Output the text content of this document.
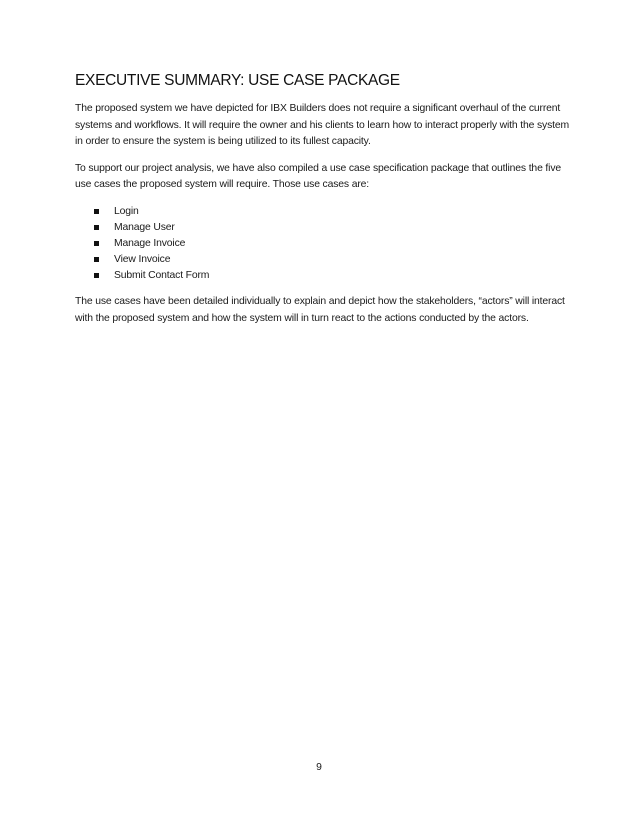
EXECUTIVE SUMMARY: USE CASE PACKAGE

The proposed system we have depicted for IBX Builders does not require a significant overhaul of the current systems and workflows. It will require the owner and his clients to learn how to interact properly with the system in order to ensure the system is being utilized to its fullest capacity.

To support our project analysis, we have also compiled a use case specification package that outlines the five use cases the proposed system will require. Those use cases are:

Login
Manage User
Manage Invoice
View Invoice
Submit Contact Form

The use cases have been detailed individually to explain and depict how the stakeholders, “actors” will interact with the proposed system and how the system will in turn react to the actions conducted by the actors.

9
